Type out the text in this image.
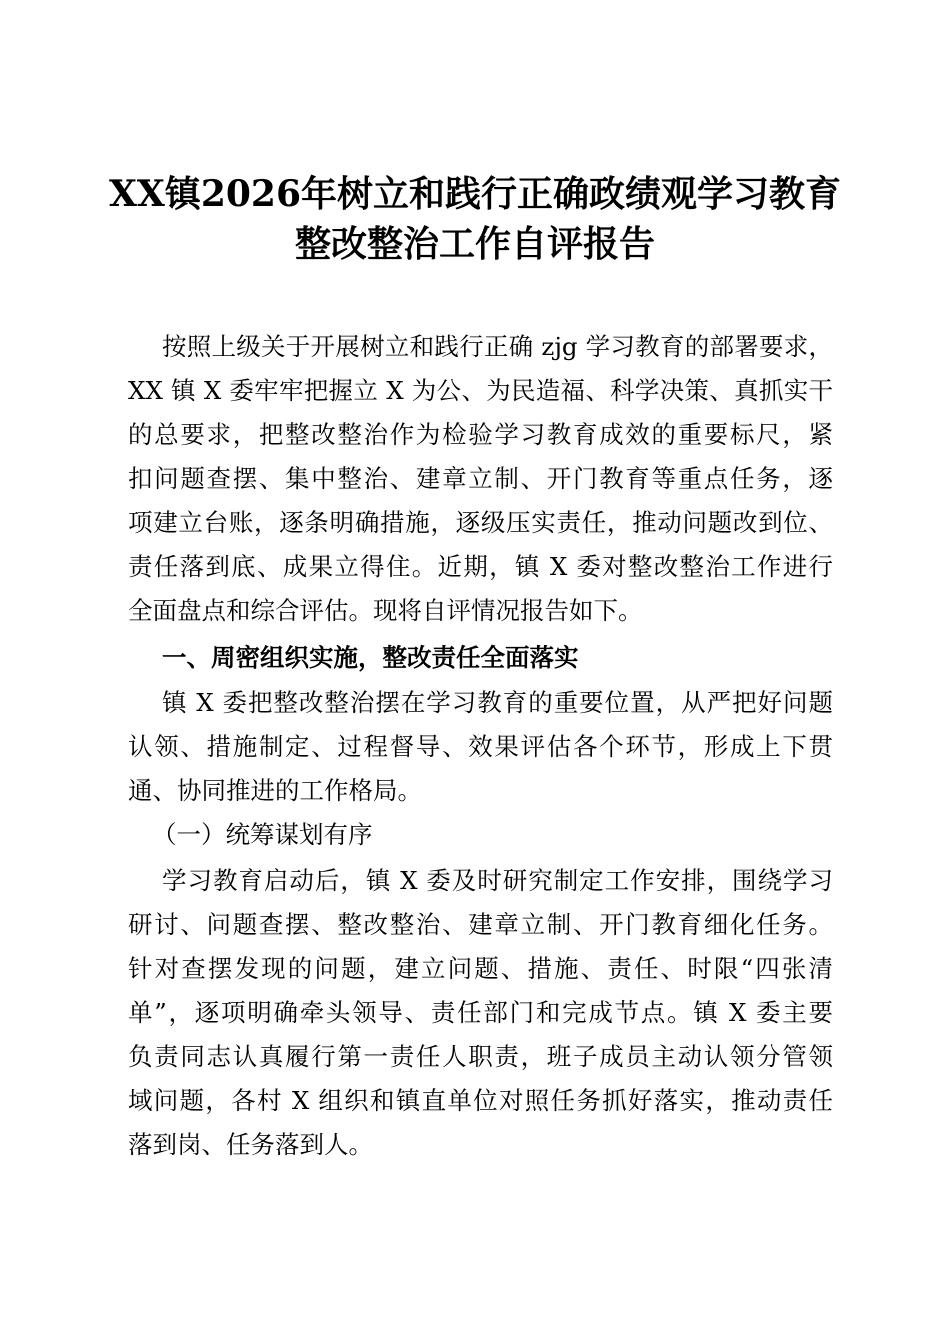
XX镇2026年树立和践行正确政绩观学习教育
整改整治工作自评报告
按照上级关于开展树立和践行正确 zjg 学习教育的部署要求，
XX 镇 X 委牢牢把握立 X 为公、为民造福、科学决策、真抓实干
的总要求，把整改整治作为检验学习教育成效的重要标尺，紧
扣问题查摆、集中整治、建章立制、开门教育等重点任务，逐
项建立台账，逐条明确措施，逐级压实责任，推动问题改到位、
责任落到底、成果立得住。近期，镇 X 委对整改整治工作进行
全面盘点和综合评估。现将自评情况报告如下。
一、周密组织实施，整改责任全面落实
镇 X 委把整改整治摆在学习教育的重要位置，从严把好问题
认领、措施制定、过程督导、效果评估各个环节，形成上下贯
通、协同推进的工作格局。
（一）统筹谋划有序
学习教育启动后，镇 X 委及时研究制定工作安排，围绕学习
研讨、问题查摆、整改整治、建章立制、开门教育细化任务。
针对查摆发现的问题，建立问题、措施、责任、时限“四张清
单”，逐项明确牵头领导、责任部门和完成节点。镇 X 委主要
负责同志认真履行第一责任人职责，班子成员主动认领分管领
域问题，各村 X 组织和镇直单位对照任务抓好落实，推动责任
落到岗、任务落到人。
